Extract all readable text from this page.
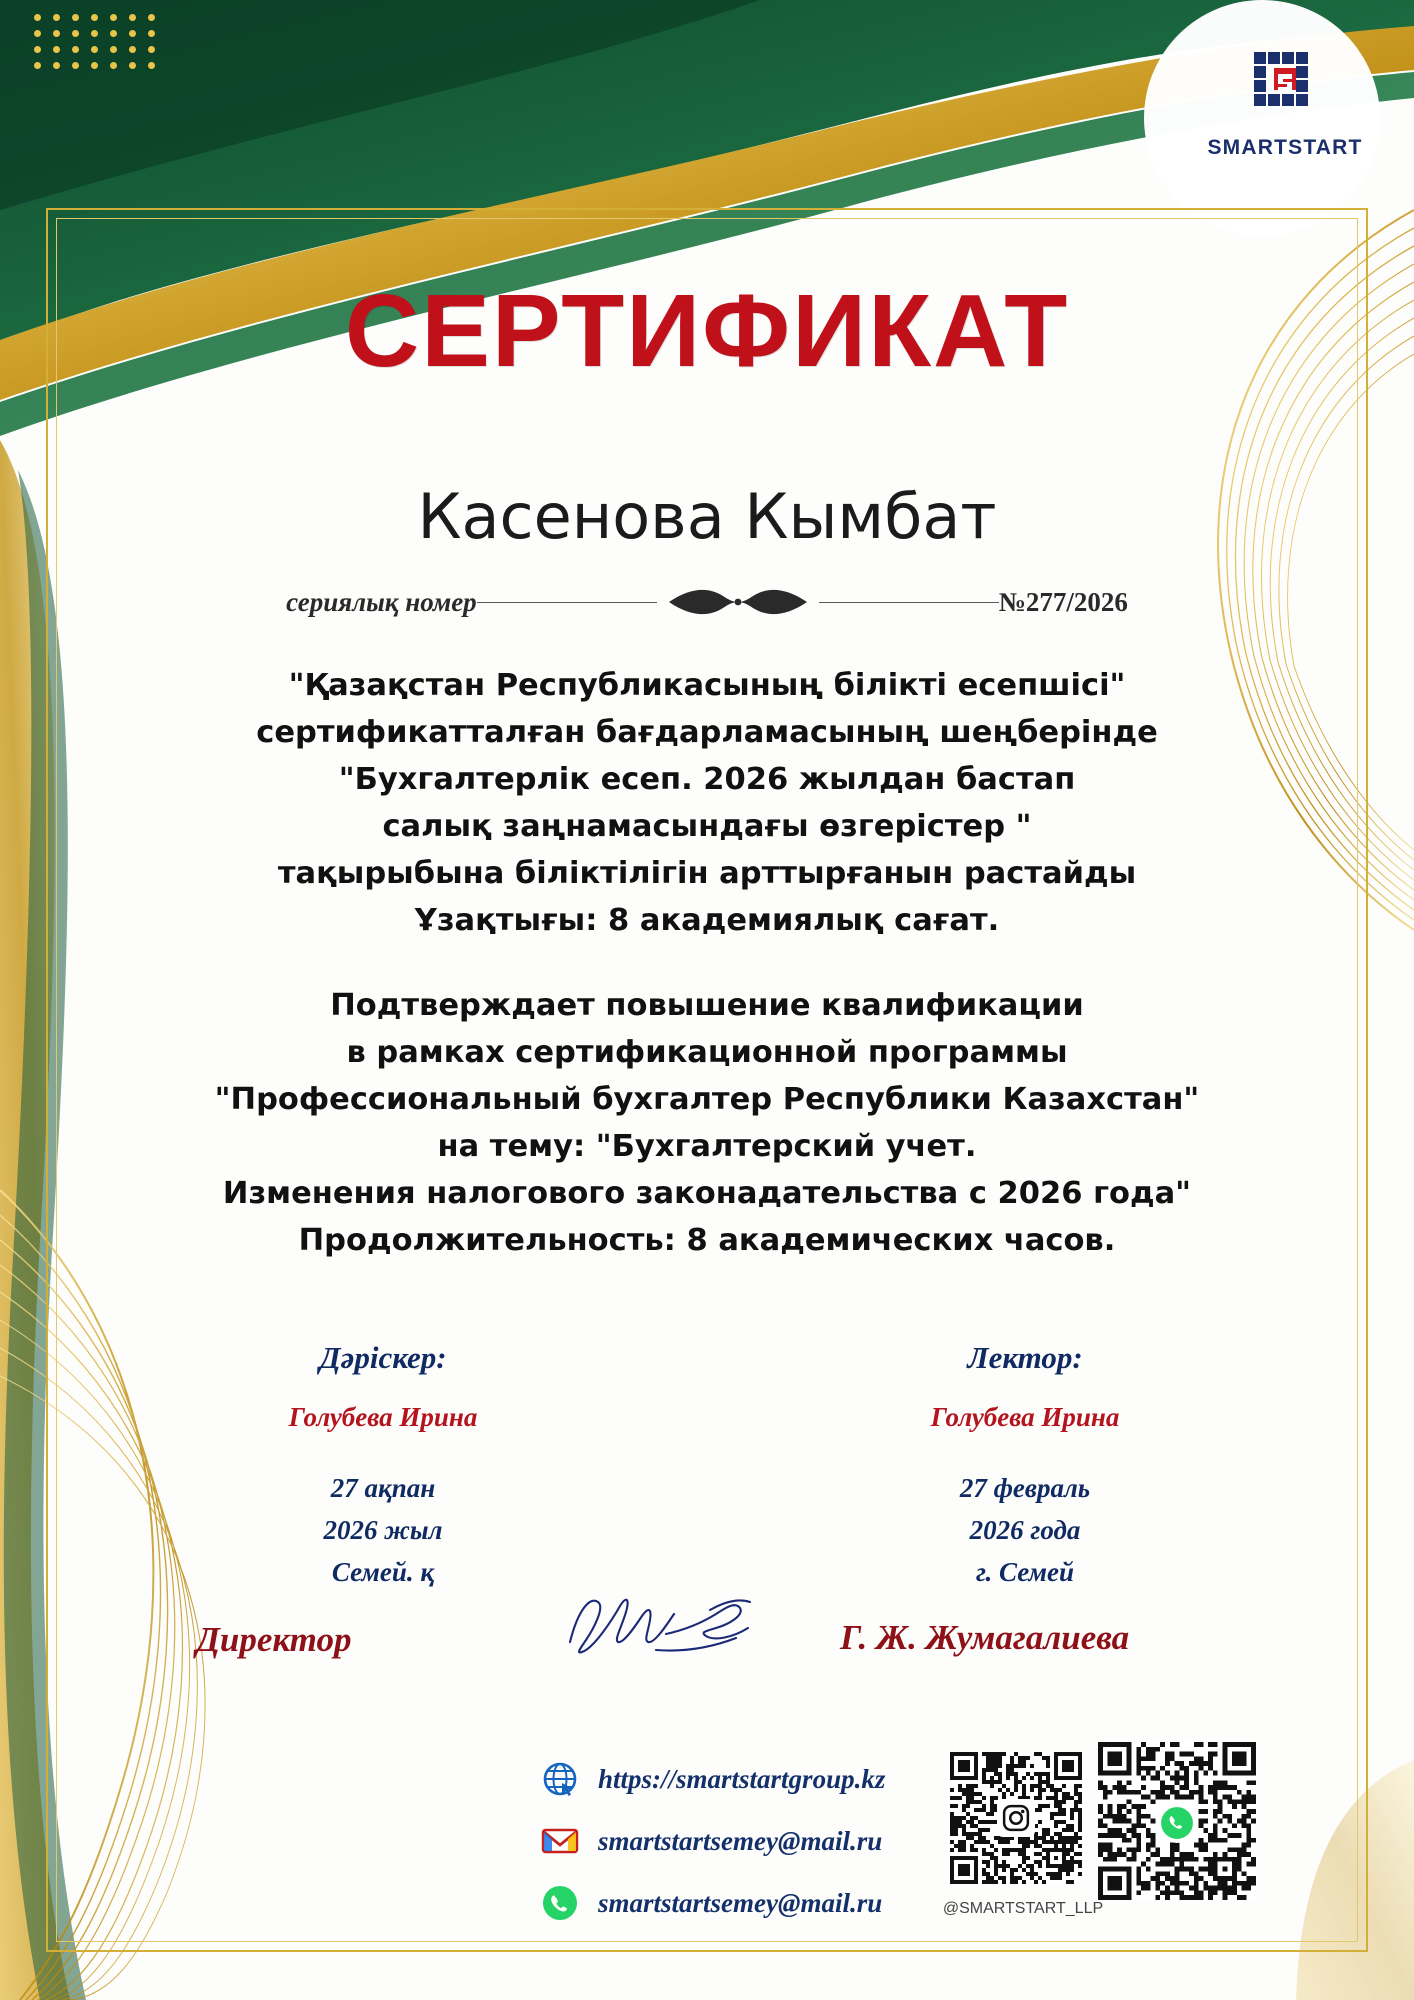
SMARTSTART
СЕРТИФИКАТ
Касенова Кымбат
сериялық номер	№277/2026
"Қазақстан Республикасының білікті есепшісі"
сертификатталған бағдарламасының шеңберінде
"Бухгалтерлік есеп. 2026 жылдан бастап
салық заңнамасындағы өзгерістер "
тақырыбына біліктілігін арттырғанын растайды
Ұзақтығы: 8 академиялық сағат.
Подтверждает повышение квалификации
в рамках сертификационной программы
"Профессиональный бухгалтер Республики Казахстан"
на тему: "Бухгалтерский учет.
Изменения налогового законадательства с 2026 года"
Продолжительность: 8 академических часов.
Дәріскер:
Голубева Ирина
27 ақпан
2026 жыл
Семей. қ
Лектор:
Голубева Ирина
27 февраль
2026 года
г. Семей
Директор	Г. Ж. Жумагалиева
https://smartstartgroup.kz
smartstartsemey@mail.ru
smartstartsemey@mail.ru	@SMARTSTART_LLP
